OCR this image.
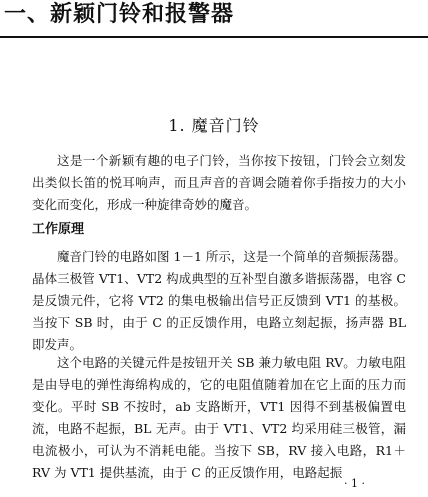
一、新颖门铃和报警器
1. 魔音门铃

这是一个新颖有趣的电子门铃，当你按下按钮，门铃会立刻发出类似长笛的悦耳响声，而且声音的音调会随着你手指按力的大小变化而变化，形成一种旋律奇妙的魔音。

工作原理

魔音门铃的电路如图 1－1 所示，这是一个简单的音频振荡器。晶体三极管 VT1、VT2 构成典型的互补型自激多谐振荡器，电容 C 是反馈元件，它将 VT2 的集电极输出信号正反馈到 VT1 的基极。当按下 SB 时，由于 C 的正反馈作用，电路立刻起振，扬声器 BL 即发声。

这个电路的关键元件是按钮开关 SB 兼力敏电阻 RV。力敏电阻是由导电的弹性海绵构成的，它的电阻值随着加在它上面的压力而变化。平时 SB 不按时，ab 支路断开，VT1 因得不到基极偏置电流，电路不起振，BL 无声。由于 VT1、VT2 均采用硅三极管，漏电流极小，可认为不消耗电能。当按下 SB，RV 接入电路，R1＋RV 为 VT1 提供基流，由于 C 的正反馈作用，电路起振

· 1 ·
